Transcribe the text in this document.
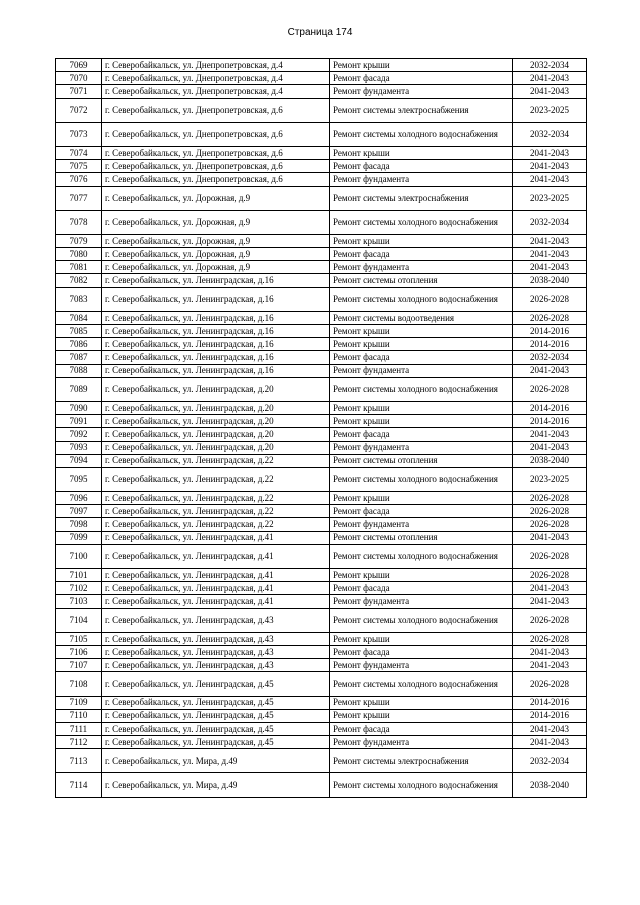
Страница 174
7069	г. Северобайкальск, ул. Днепропетровская, д.4	Ремонт крыши	2032-2034
7070	г. Северобайкальск, ул. Днепропетровская, д.4	Ремонт фасада	2041-2043
7071	г. Северобайкальск, ул. Днепропетровская, д.4	Ремонт фундамента	2041-2043
7072	г. Северобайкальск, ул. Днепропетровская, д.6	Ремонт системы электроснабжения	2023-2025
7073	г. Северобайкальск, ул. Днепропетровская, д.6	Ремонт системы холодного водоснабжения	2032-2034
7074	г. Северобайкальск, ул. Днепропетровская, д.6	Ремонт крыши	2041-2043
7075	г. Северобайкальск, ул. Днепропетровская, д.6	Ремонт фасада	2041-2043
7076	г. Северобайкальск, ул. Днепропетровская, д.6	Ремонт фундамента	2041-2043
7077	г. Северобайкальск, ул. Дорожная, д.9	Ремонт системы электроснабжения	2023-2025
7078	г. Северобайкальск, ул. Дорожная, д.9	Ремонт системы холодного водоснабжения	2032-2034
7079	г. Северобайкальск, ул. Дорожная, д.9	Ремонт крыши	2041-2043
7080	г. Северобайкальск, ул. Дорожная, д.9	Ремонт фасада	2041-2043
7081	г. Северобайкальск, ул. Дорожная, д.9	Ремонт фундамента	2041-2043
7082	г. Северобайкальск, ул. Ленинградская, д.16	Ремонт системы отопления	2038-2040
7083	г. Северобайкальск, ул. Ленинградская, д.16	Ремонт системы холодного водоснабжения	2026-2028
7084	г. Северобайкальск, ул. Ленинградская, д.16	Ремонт системы водоотведения	2026-2028
7085	г. Северобайкальск, ул. Ленинградская, д.16	Ремонт крыши	2014-2016
7086	г. Северобайкальск, ул. Ленинградская, д.16	Ремонт крыши	2014-2016
7087	г. Северобайкальск, ул. Ленинградская, д.16	Ремонт фасада	2032-2034
7088	г. Северобайкальск, ул. Ленинградская, д.16	Ремонт фундамента	2041-2043
7089	г. Северобайкальск, ул. Ленинградская, д.20	Ремонт системы холодного водоснабжения	2026-2028
7090	г. Северобайкальск, ул. Ленинградская, д.20	Ремонт крыши	2014-2016
7091	г. Северобайкальск, ул. Ленинградская, д.20	Ремонт крыши	2014-2016
7092	г. Северобайкальск, ул. Ленинградская, д.20	Ремонт фасада	2041-2043
7093	г. Северобайкальск, ул. Ленинградская, д.20	Ремонт фундамента	2041-2043
7094	г. Северобайкальск, ул. Ленинградская, д.22	Ремонт системы отопления	2038-2040
7095	г. Северобайкальск, ул. Ленинградская, д.22	Ремонт системы холодного водоснабжения	2023-2025
7096	г. Северобайкальск, ул. Ленинградская, д.22	Ремонт крыши	2026-2028
7097	г. Северобайкальск, ул. Ленинградская, д.22	Ремонт фасада	2026-2028
7098	г. Северобайкальск, ул. Ленинградская, д.22	Ремонт фундамента	2026-2028
7099	г. Северобайкальск, ул. Ленинградская, д.41	Ремонт системы отопления	2041-2043
7100	г. Северобайкальск, ул. Ленинградская, д.41	Ремонт системы холодного водоснабжения	2026-2028
7101	г. Северобайкальск, ул. Ленинградская, д.41	Ремонт крыши	2026-2028
7102	г. Северобайкальск, ул. Ленинградская, д.41	Ремонт фасада	2041-2043
7103	г. Северобайкальск, ул. Ленинградская, д.41	Ремонт фундамента	2041-2043
7104	г. Северобайкальск, ул. Ленинградская, д.43	Ремонт системы холодного водоснабжения	2026-2028
7105	г. Северобайкальск, ул. Ленинградская, д.43	Ремонт крыши	2026-2028
7106	г. Северобайкальск, ул. Ленинградская, д.43	Ремонт фасада	2041-2043
7107	г. Северобайкальск, ул. Ленинградская, д.43	Ремонт фундамента	2041-2043
7108	г. Северобайкальск, ул. Ленинградская, д.45	Ремонт системы холодного водоснабжения	2026-2028
7109	г. Северобайкальск, ул. Ленинградская, д.45	Ремонт крыши	2014-2016
7110	г. Северобайкальск, ул. Ленинградская, д.45	Ремонт крыши	2014-2016
7111	г. Северобайкальск, ул. Ленинградская, д.45	Ремонт фасада	2041-2043
7112	г. Северобайкальск, ул. Ленинградская, д.45	Ремонт фундамента	2041-2043
7113	г. Северобайкальск, ул. Мира, д.49	Ремонт системы электроснабжения	2032-2034
7114	г. Северобайкальск, ул. Мира, д.49	Ремонт системы холодного водоснабжения	2038-2040
